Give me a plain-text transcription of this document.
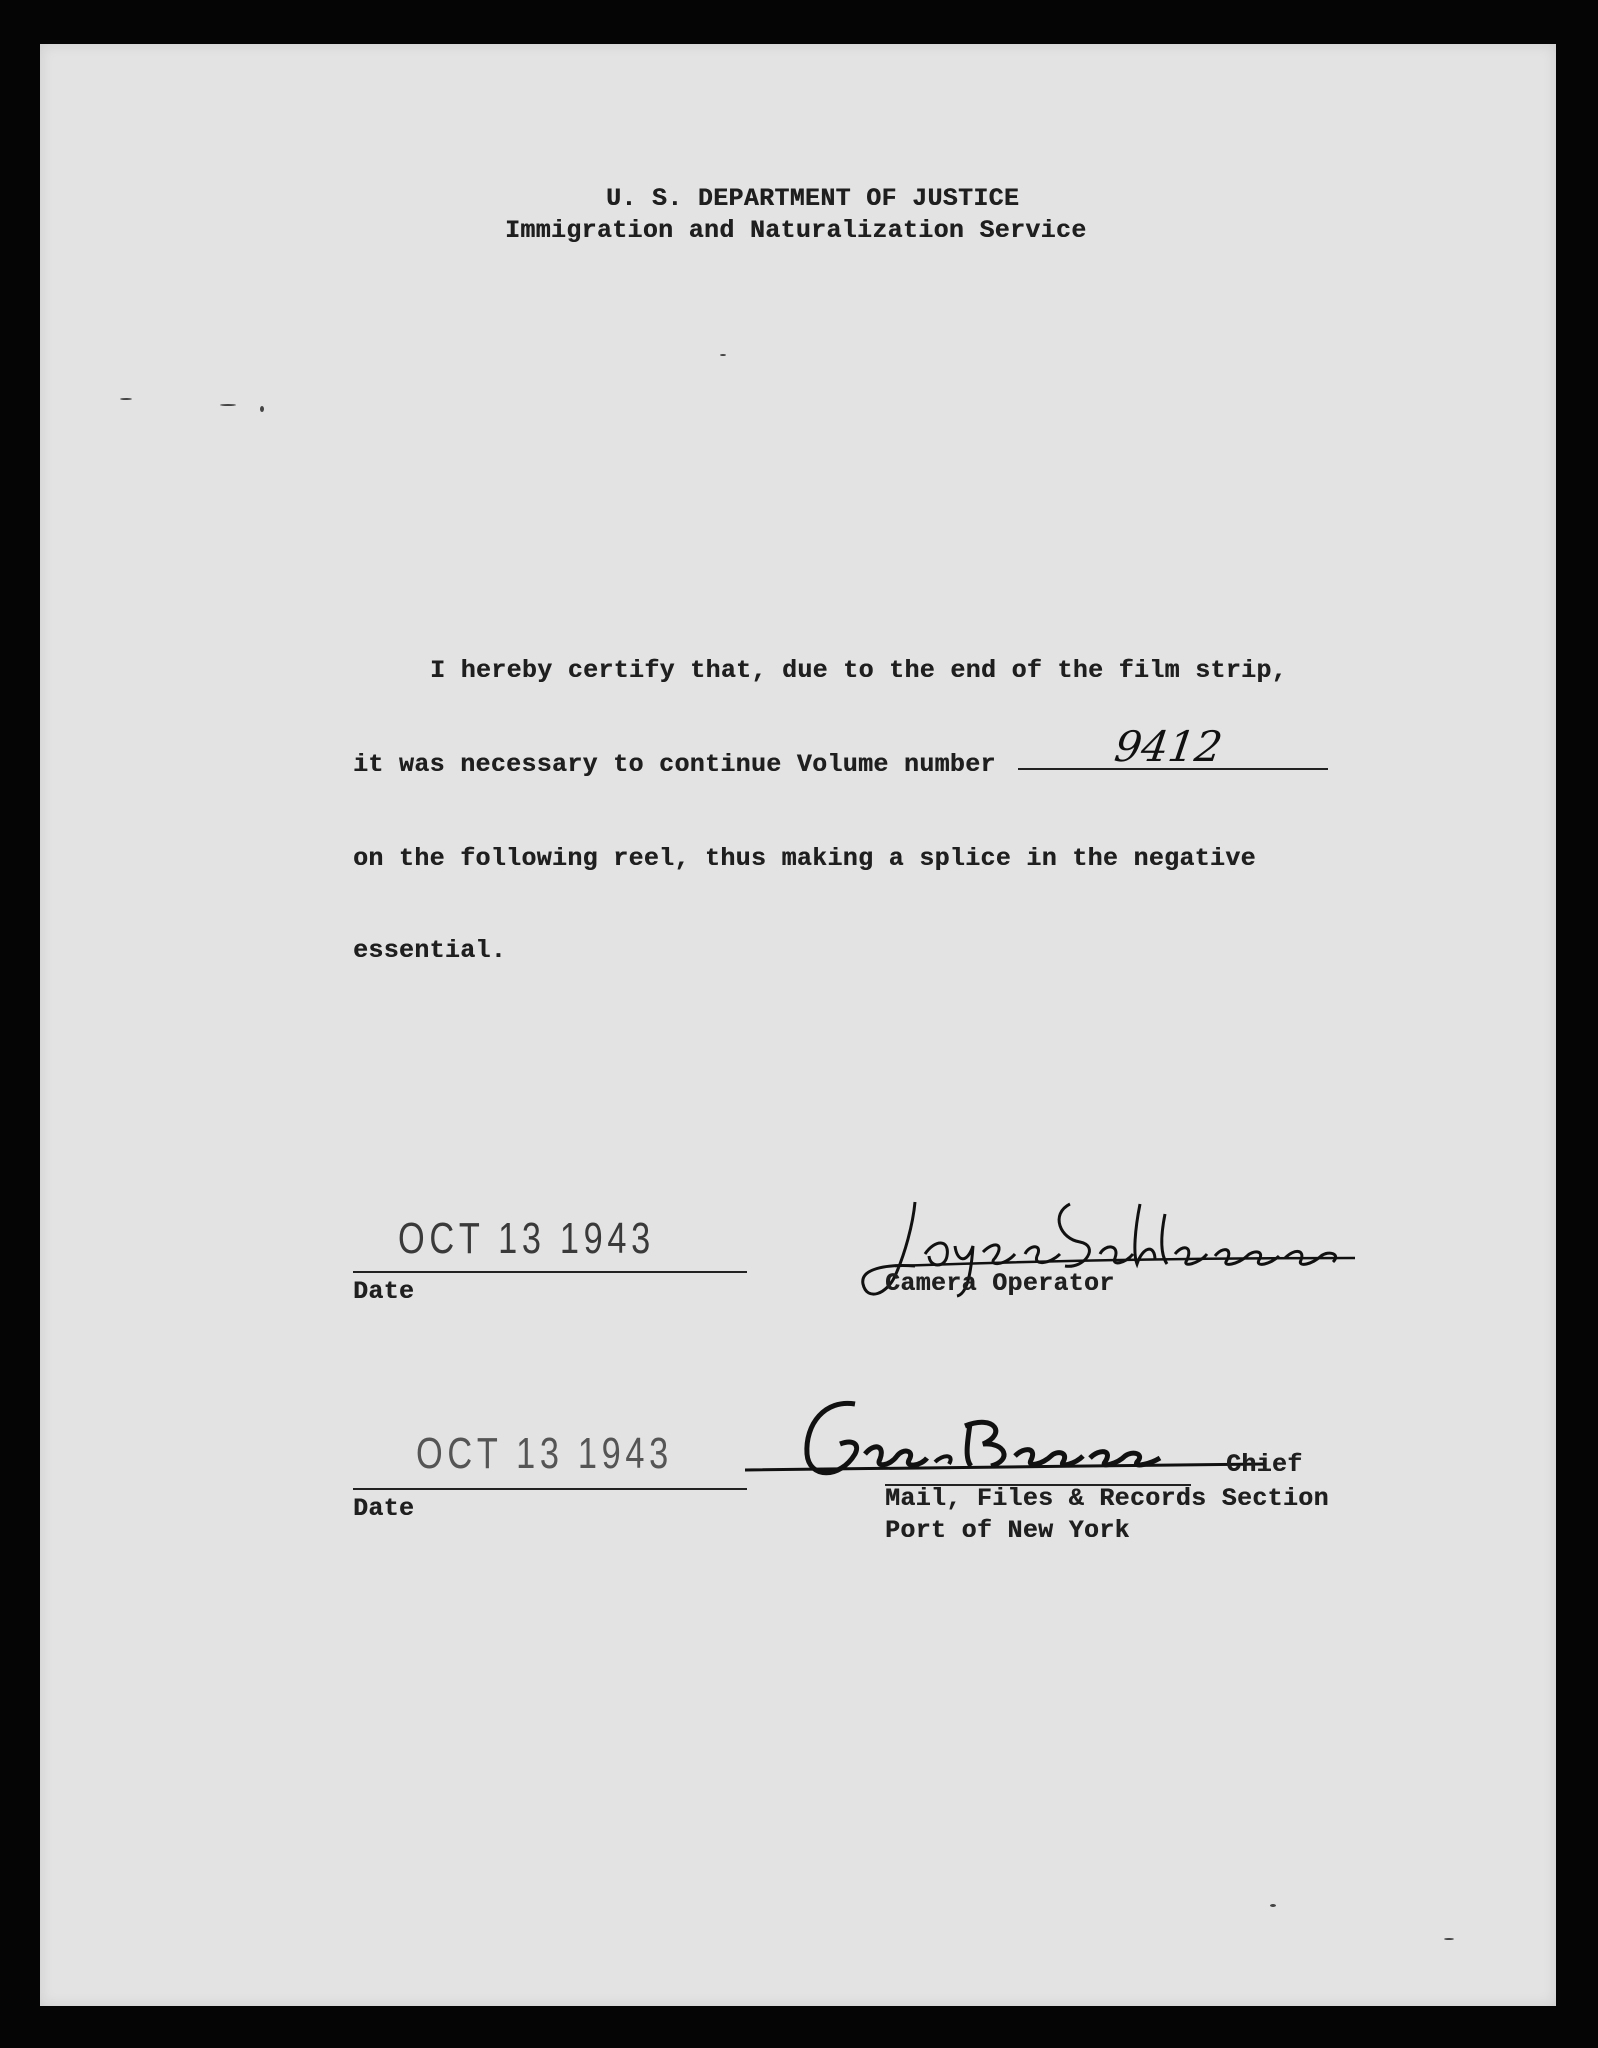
U. S. DEPARTMENT OF JUSTICE
Immigration and Naturalization Service
I hereby certify that, due to the end of the film strip,
it was necessary to continue Volume number	9412
on the following reel, thus making a splice in the negative
essential.
OCT 13 1943
Date	Camera Operator
OCT 13 1943
Date
Chief
Mail, Files & Records Section
Port of New York
